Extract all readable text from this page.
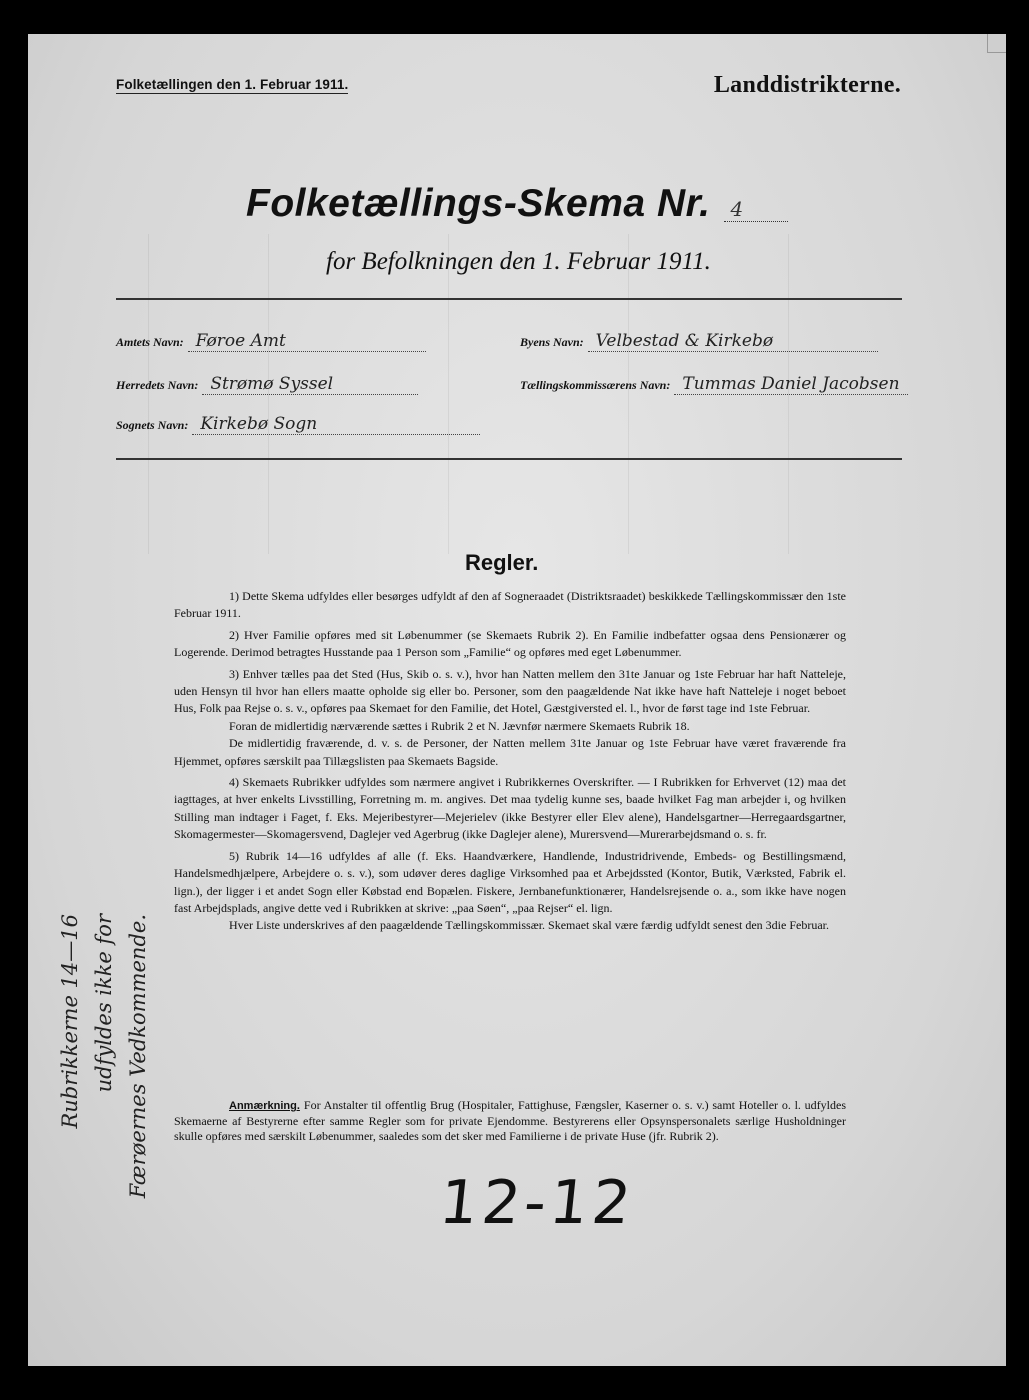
Folketællingen den 1. Februar 1911.	Landdistrikterne.
Folketællings-Skema Nr.	4
for Befolkningen den 1. Februar 1911.
Amtets Navn: Føroe Amt
Herredets Navn: Strømø Syssel
Sognets Navn: Kirkebø Sogn
Byens Navn: Velbestad & Kirkebø
Tællingskommissærens Navn: Tummas Daniel Jacobsen
Regler.

1) Dette Skema udfyldes eller besørges udfyldt af den af Sogneraadet (Distriktsraadet) beskikkede Tællingskommissær den 1ste Februar 1911.

2) Hver Familie opføres med sit Løbenummer (se Skemaets Rubrik 2). En Familie indbefatter ogsaa dens Pensionærer og Logerende. Derimod betragtes Husstande paa 1 Person som „Familie“ og opføres med eget Løbenummer.

3) Enhver tælles paa det Sted (Hus, Skib o. s. v.), hvor han Natten mellem den 31te Januar og 1ste Februar har haft Natteleje, uden Hensyn til hvor han ellers maatte opholde sig eller bo. Personer, som den paagældende Nat ikke have haft Natteleje i noget beboet Hus, Folk paa Rejse o. s. v., opføres paa Skemaet for den Familie, det Hotel, Gæstgiversted el. l., hvor de først tage ind 1ste Februar.

Foran de midlertidig nærværende sættes i Rubrik 2 et N. Jævnfør nærmere Skemaets Rubrik 18.

De midlertidig fraværende, d. v. s. de Personer, der Natten mellem 31te Januar og 1ste Februar have været fraværende fra Hjemmet, opføres særskilt paa Tillægslisten paa Skemaets Bagside.

4) Skemaets Rubrikker udfyldes som nærmere angivet i Rubrikkernes Overskrifter. — I Rubrikken for Erhvervet (12) maa det iagttages, at hver enkelts Livsstilling, Forretning m. m. angives. Det maa tydelig kunne ses, baade hvilket Fag man arbejder i, og hvilken Stilling man indtager i Faget, f. Eks. Mejeribestyrer—Mejerielev (ikke Bestyrer eller Elev alene), Handelsgartner—Herregaardsgartner, Skomagermester—Skomagersvend, Daglejer ved Agerbrug (ikke Daglejer alene), Murersvend—Murerarbejdsmand o. s. fr.

5) Rubrik 14—16 udfyldes af alle (f. Eks. Haandværkere, Handlende, Industridrivende, Embeds- og Bestillingsmænd, Handelsmedhjælpere, Arbejdere o. s. v.), som udøver deres daglige Virksomhed paa et Arbejdssted (Kontor, Butik, Værksted, Fabrik el. lign.), der ligger i et andet Sogn eller Købstad end Bopælen. Fiskere, Jernbanefunktionærer, Handelsrejsende o. a., som ikke have nogen fast Arbejdsplads, angive dette ved i Rubrikken at skrive: „paa Søen“, „paa Rejser“ el. lign.

Hver Liste underskrives af den paagældende Tællingskommissær. Skemaet skal være færdig udfyldt senest den 3die Februar.

Anmærkning. For Anstalter til offentlig Brug (Hospitaler, Fattighuse, Fængsler, Kaserner o. s. v.) samt Hoteller o. l. udfyldes Skemaerne af Bestyrerne efter samme Regler som for private Ejendomme. Bestyrerens eller Opsynspersonalets særlige Husholdninger skulle opføres med særskilt Løbenummer, saaledes som det sker med Familierne i de private Huse (jfr. Rubrik 2).
Rubrikkerne 14—16 udfyldes ikke for Færøernes Vedkommende.
12-12
